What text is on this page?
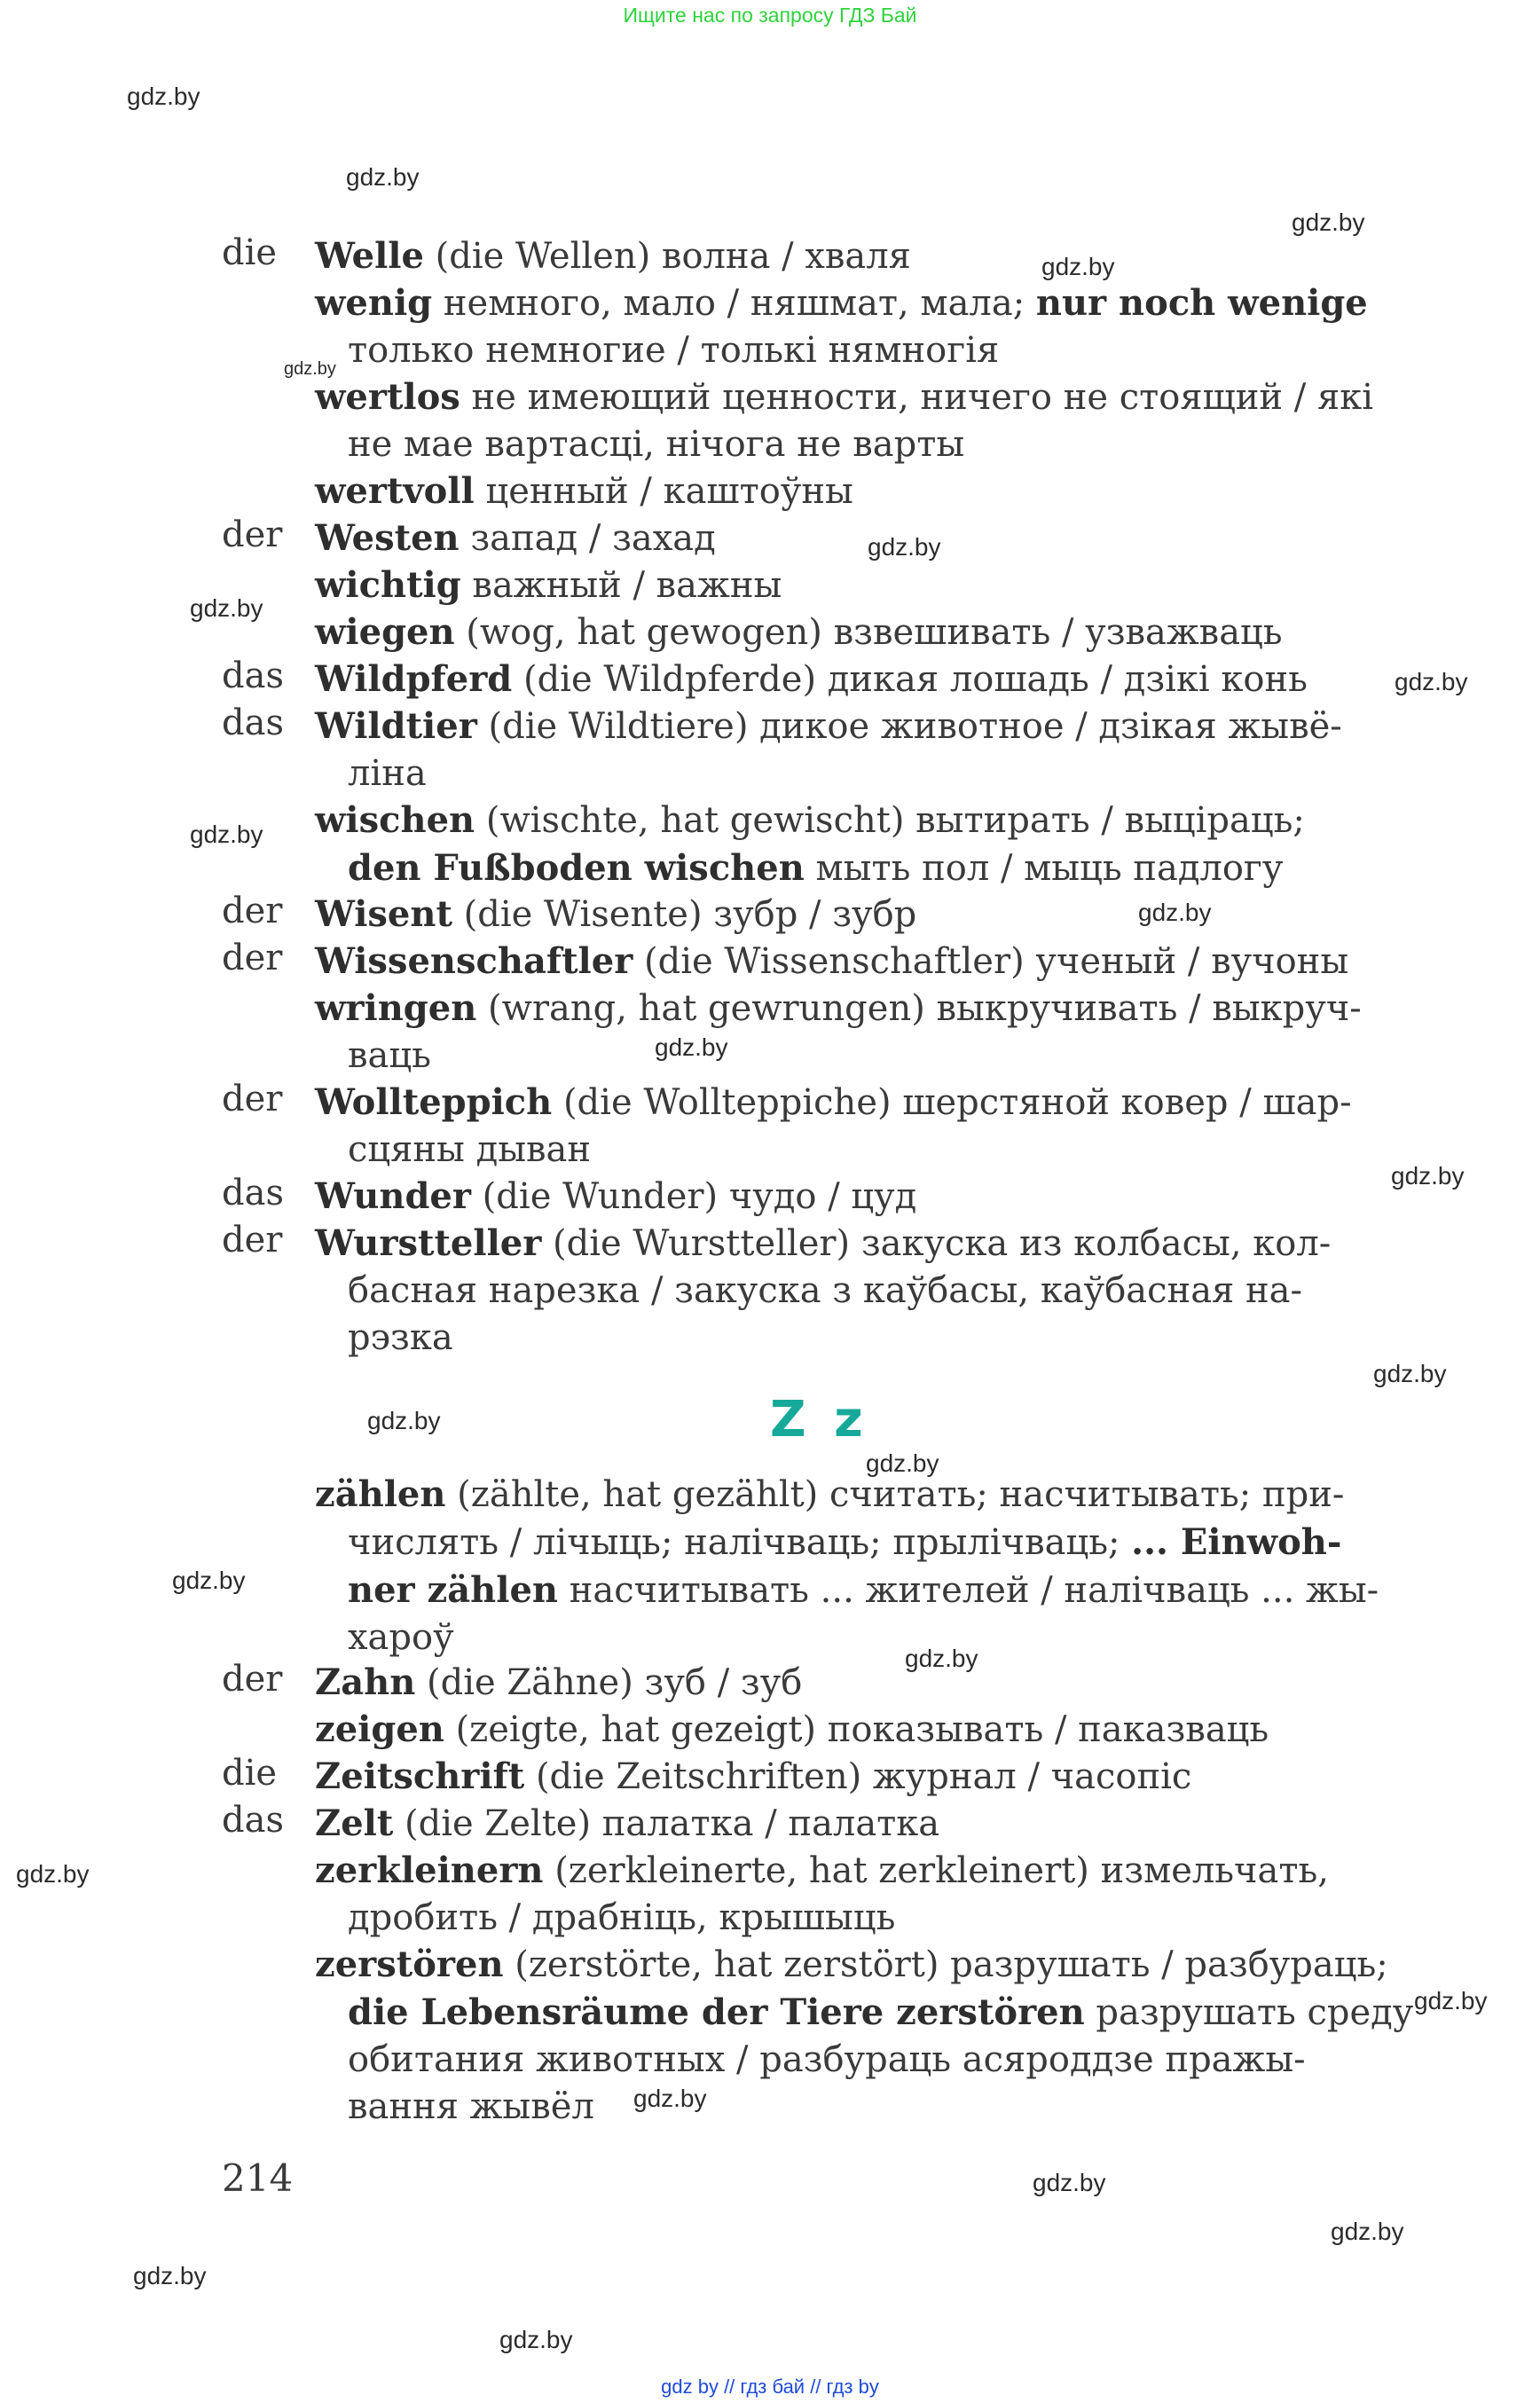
Ищите нас по запросу ГДЗ Бай
gdz.by
gdz.by
gdz.by
gdz.by
gdz.by
gdz.by
gdz.by
gdz.by
gdz.by
gdz.by
gdz.by
gdz.by
gdz.by
gdz.by
gdz.by
gdz.by
gdz.by
gdz.by
gdz.by
gdz.by
gdz.by
gdz.by
gdz.by
gdz.by
die Welle (die Wellen) волна / хваля
wenig немного, мало / няшмат, мала; nur noch wenige
только немногие / толькі нямногія
wertlos не имеющий ценности, ничего не стоящий / які
не мае вартасці, нічога не варты
wertvoll ценный / каштоўны
der Westen запад / захад
wichtig важный / важны
wiegen (wog, hat gewogen) взвешивать / узважваць
das Wildpferd (die Wildpferde) дикая лошадь / дзікі конь
das Wildtier (die Wildtiere) дикое животное / дзікая жывё-
ліна
wischen (wischte, hat gewischt) вытирать / выціраць;
den Fußboden wischen мыть пол / мыць падлогу
der Wisent (die Wisente) зубр / зубр
der Wissenschaftler (die Wissenschaftler) ученый / вучоны
wringen (wrang, hat gewrungen) выкручивать / выкруч-
ваць
der Wollteppich (die Wollteppiche) шерстяной ковер / шар-
сцяны дыван
das Wunder (die Wunder) чудо / цуд
der Wurstteller (die Wurstteller) закуска из колбасы, кол-
басная нарезка / закуска з каўбасы, каўбасная на-
рэзка
Z z
zählen (zählte, hat gezählt) считать; насчитывать; при-
числять / лічыць; налічваць; прылічваць; ... Einwoh-
ner zählen насчитывать ... жителей / налічваць ... жы-
хароў
der Zahn (die Zähne) зуб / зуб
zeigen (zeigte, hat gezeigt) показывать / паказваць
die Zeitschrift (die Zeitschriften) журнал / часопіс
das Zelt (die Zelte) палатка / палатка
zerkleinern (zerkleinerte, hat zerkleinert) измельчать,
дробить / драбніць, крышыць
zerstören (zerstörte, hat zerstört) разрушать / разбураць;
die Lebensräume der Tiere zerstören разрушать среду
обитания животных / разбураць асяроддзе пражы-
вання жывёл
214
gdz by // гдз бай // гдз by
